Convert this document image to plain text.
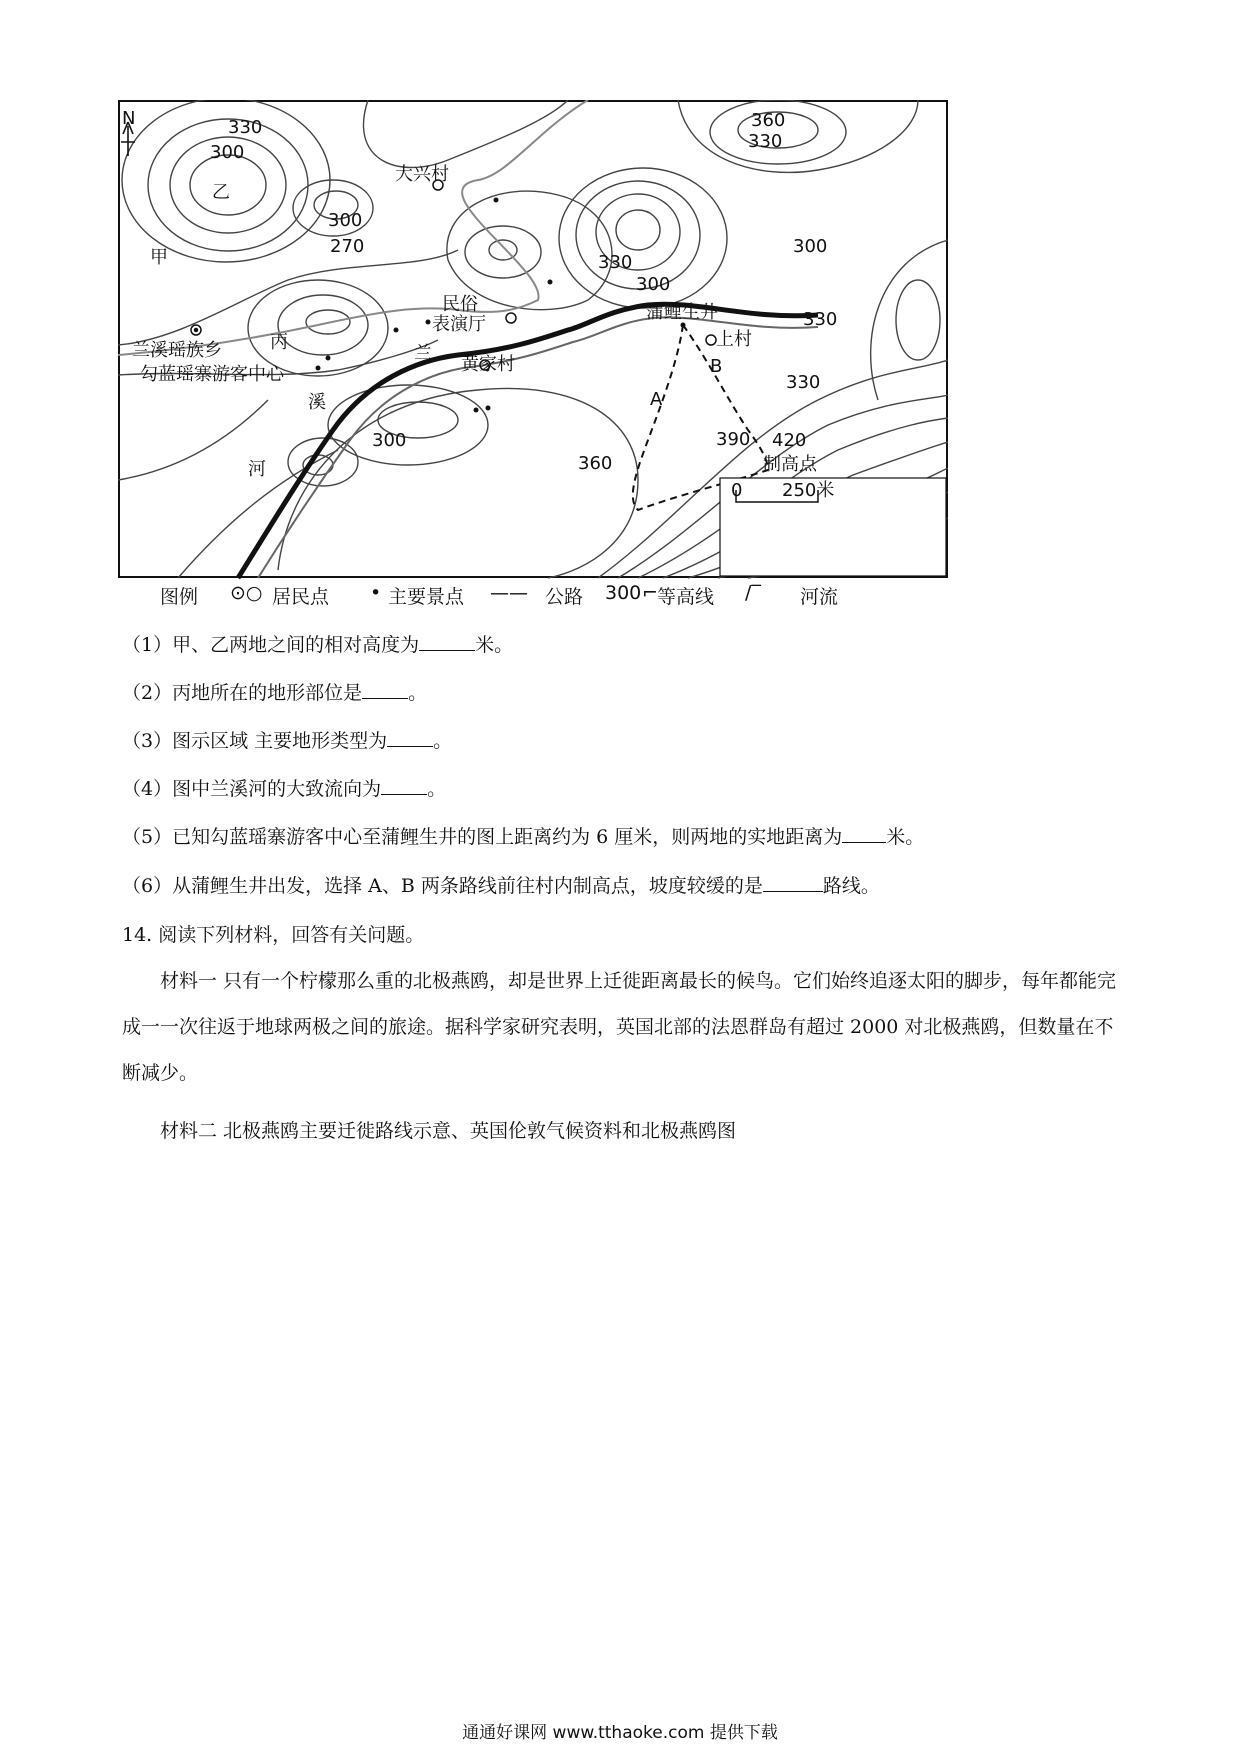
N	330
300
300
270
360
330
330
300
300
330
330
300
360
390 420
甲
乙
丙
大兴村
民俗
表演厅
蒲鲤生井
上村
兰溪瑶族乡
勾蓝瑶寨游客中心	黄家村
兰
溪
河
A
B
制高点
0 250米
图例 ⊙○ 居民点 • 主要景点 —— 公路 300 ⌐ 等高线 ∕‾ 河流
（1）甲、乙两地之间的相对高度为	米。
（2）丙地所在的地形部位是 。
（3）图示区域 主要地形类型为 。
（4）图中兰溪河的大致流向为 。
（5）已知勾蓝瑶寨游客中心至蒲鲤生井的图上距离约为 6 厘米，则两地的实地距离为 米。
（6）从蒲鲤生井出发，选择 A、B 两条路线前往村内制高点，坡度较缓的是	路线。
14. 阅读下列材料，回答有关问题。
材料一 只有一个柠檬那么重的北极燕鸥，却是世界上迁徙距离最长的候鸟。它们始终追逐太阳的脚步，每年都能完成一一次往返于地球两极之间的旅途。据科学家研究表明，英国北部的法恩群岛有超过 2000 对北极燕鸥，但数量在不断减少。
材料二 北极燕鸥主要迁徙路线示意、英国伦敦气候资料和北极燕鸥图
通通好课网 www.tthaoke.com 提供下载
